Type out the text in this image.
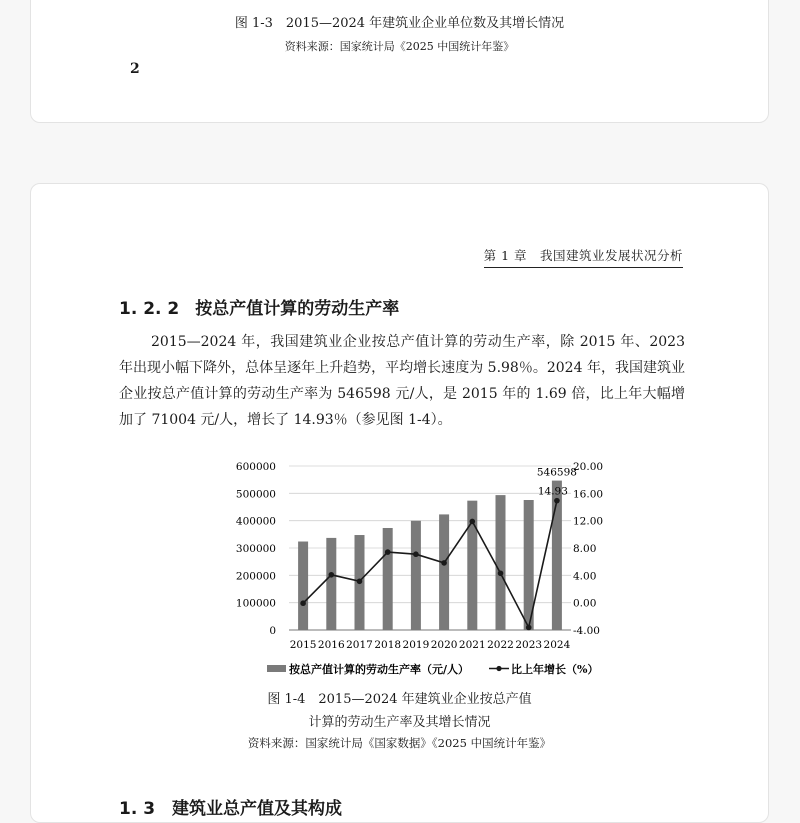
图 1-3　2015—2024 年建筑业企业单位数及其增长情况
资料来源：国家统计局《2025 中国统计年鉴》
2
第 1 章　我国建筑业发展状况分析
1. 2. 2 按总产值计算的劳动生产率

2015—2024 年，我国建筑业企业按总产值计算的劳动生产率，除 2015 年、2023 年出现小幅下降外，总体呈逐年上升趋势，平均增长速度为 5.98％。2024 年，我国建筑业企业按总产值计算的劳动生产率为 546598 元/人，是 2015 年的 1.69 倍，比上年大幅增加了 71004 元/人，增长了 14.93％（参见图 1-4）。

0
100000
200000
300000
400000
500000
600000
-4.00
0.00
4.00
8.00
12.00
16.00
20.00
2015 2016 2017 2018 2019 2020 2021 2022 2023 2024
546598
14.93
按总产值计算的劳动生产率（元/人）	比上年增长（%）
图 1-4　2015—2024 年建筑业企业按总产值
计算的劳动生产率及其增长情况
资料来源：国家统计局《国家数据》《2025 中国统计年鉴》
1. 3　建筑业总产值及其构成
